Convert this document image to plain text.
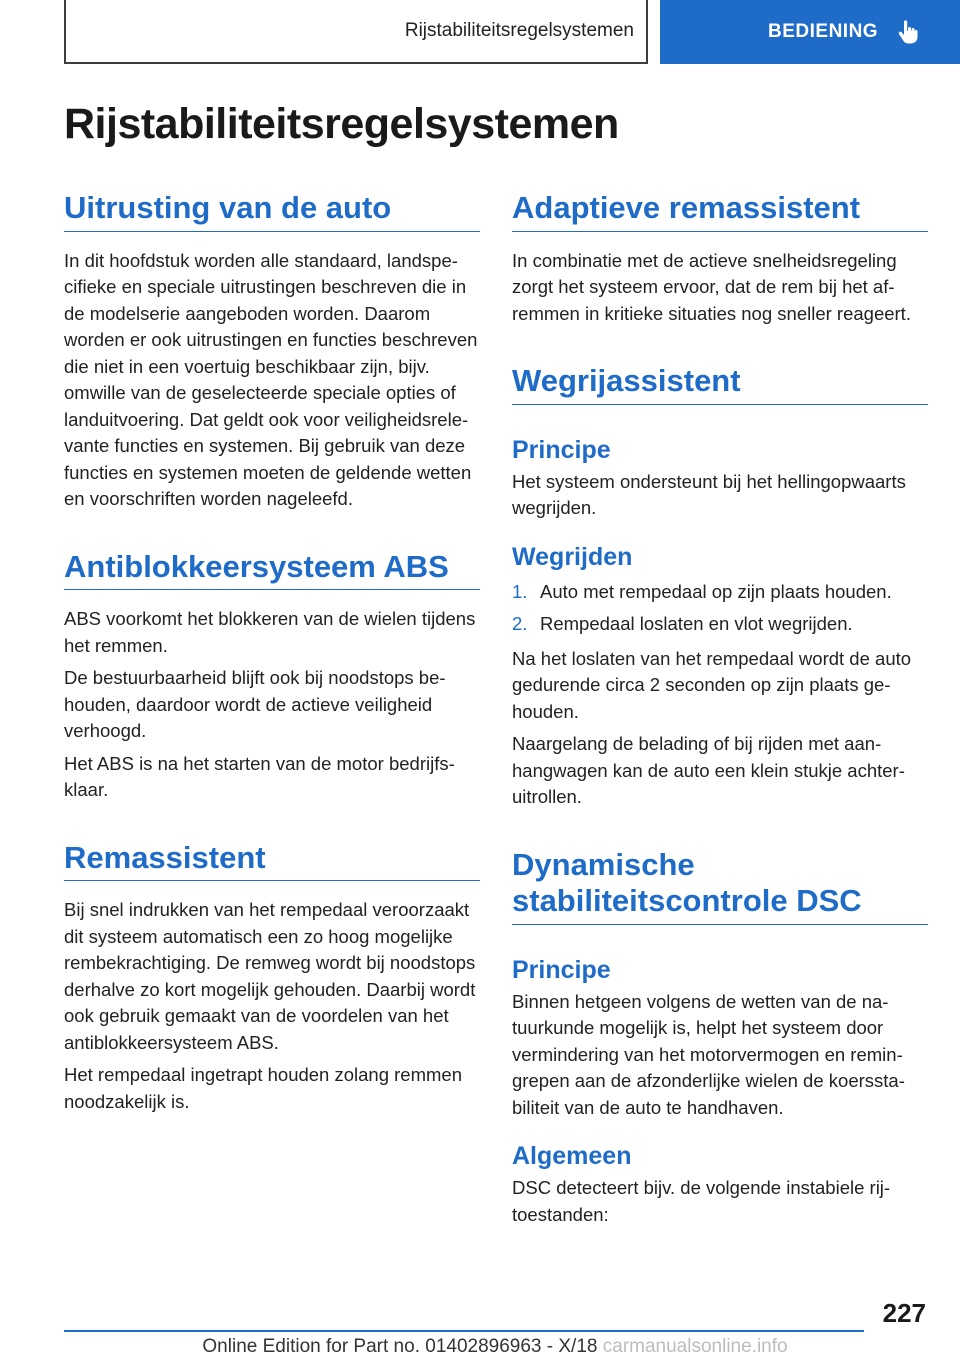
Rijstabiliteitsregelsystemen	BEDIENING
Rijstabiliteitsregelsystemen
Uitrusting van de auto

In dit hoofdstuk worden alle standaard, landspecifieke en speciale uitrustingen beschreven die in de modelserie aangeboden worden. Daarom worden er ook uitrustingen en functies beschreven die niet in een voertuig beschikbaar zijn, bijv. omwille van de geselecteerde speciale opties of landuitvoering. Dat geldt ook voor veiligheidsrelevante functies en systemen. Bij gebruik van deze functies en systemen moeten de geldende wetten en voorschriften worden nageleefd.

Antiblokkeersysteem ABS

ABS voorkomt het blokkeren van de wielen tijdens het remmen.

De bestuurbaarheid blijft ook bij noodstops behouden, daardoor wordt de actieve veiligheid verhoogd.

Het ABS is na het starten van de motor bedrijfsklaar.

Remassistent

Bij snel indrukken van het rempedaal veroorzaakt dit systeem automatisch een zo hoog mogelijke rembekrachtiging. De remweg wordt bij noodstops derhalve zo kort mogelijk gehouden. Daarbij wordt ook gebruik gemaakt van de voordelen van het antiblokkeersysteem ABS.

Het rempedaal ingetrapt houden zolang remmen noodzakelijk is.

Adaptieve remassistent

In combinatie met de actieve snelheidsregeling zorgt het systeem ervoor, dat de rem bij het afremmen in kritieke situaties nog sneller reageert.

Wegrijassistent
Principe

Het systeem ondersteunt bij het hellingopwaarts wegrijden.

Wegrijden
1. Auto met rempedaal op zijn plaats houden.
2. Rempedaal loslaten en vlot wegrijden.

Na het loslaten van het rempedaal wordt de auto gedurende circa 2 seconden op zijn plaats gehouden.

Naargelang de belading of bij rijden met aanhangwagen kan de auto een klein stukje achteruitrollen.

Dynamische stabiliteitscontrole DSC
Principe

Binnen hetgeen volgens de wetten van de natuurkunde mogelijk is, helpt het systeem door vermindering van het motorvermogen en remingrepen aan de afzonderlijke wielen de koersstabiliteit van de auto te handhaven.

Algemeen

DSC detecteert bijv. de volgende instabiele rijtoestanden:

227
Online Edition for Part no. 01402896963 - X/18 carmanualsonline.info
